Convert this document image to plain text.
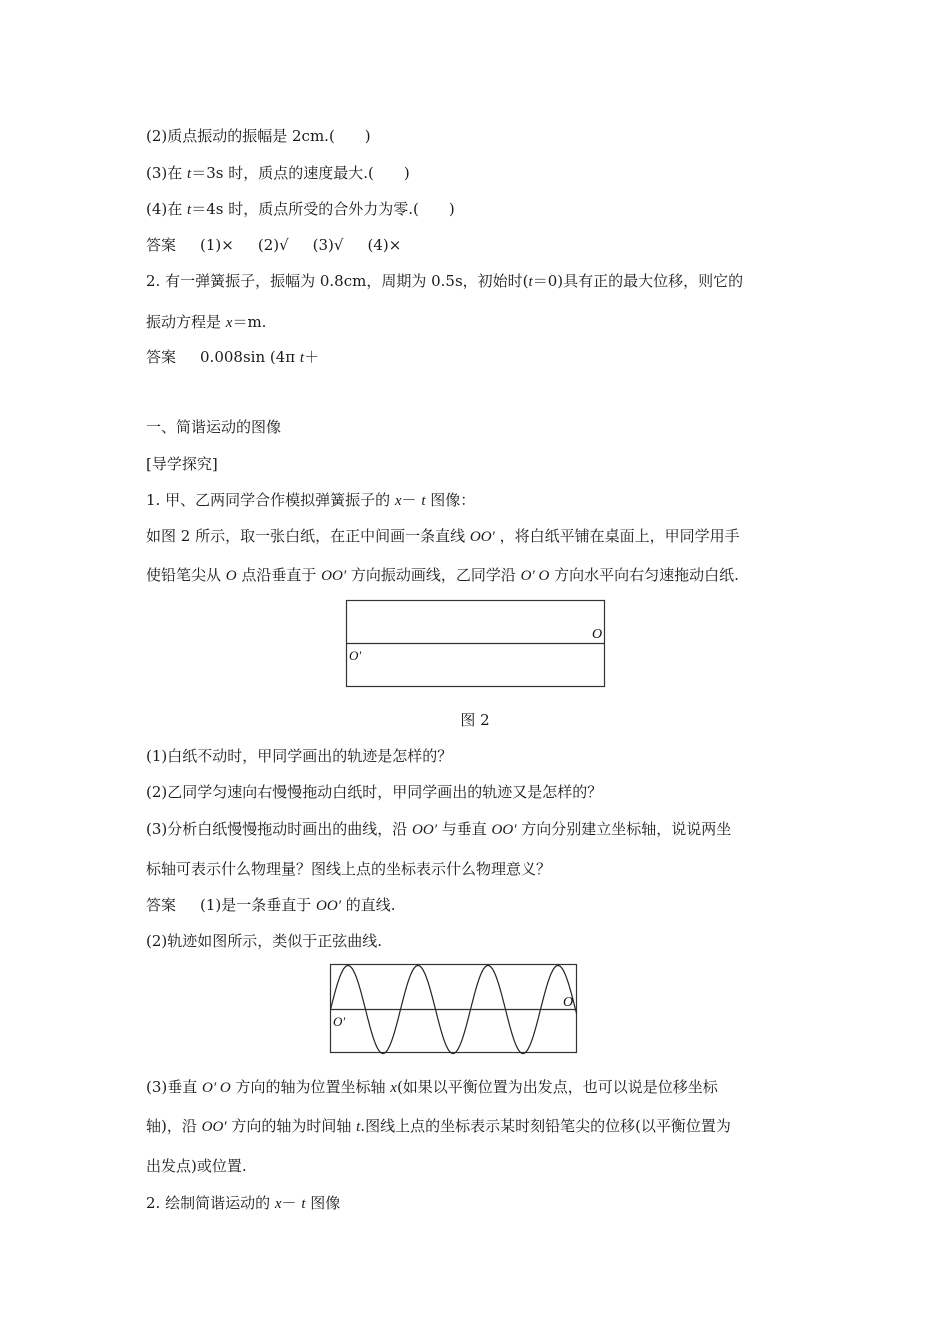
(2)质点振动的振幅是 2cm.(　　)
(3)在 t＝3s 时，质点的速度最大.(　　)
(4)在 t＝4s 时，质点所受的合外力为零.(　　)
答案 (1)× (2)√ (3)√ (4)×
2. 有一弹簧振子，振幅为 0.8cm，周期为 0.5s，初始时(t＝0)具有正的最大位移，则它的
振动方程是 x＝m.
答案 0.008sin (4π t＋
一、简谐运动的图像
[导学探究]
1. 甲、乙两同学合作模拟弹簧振子的 x－ t 图像：
如图 2 所示，取一张白纸，在正中间画一条直线 OO′ ，将白纸平铺在桌面上，甲同学用手
使铅笔尖从 O 点沿垂直于 OO′ 方向振动画线，乙同学沿 O′ O 方向水平向右匀速拖动白纸.
O
O′
图 2
(1)白纸不动时，甲同学画出的轨迹是怎样的？
(2)乙同学匀速向右慢慢拖动白纸时，甲同学画出的轨迹又是怎样的？
(3)分析白纸慢慢拖动时画出的曲线，沿 OO′ 与垂直 OO′ 方向分别建立坐标轴，说说两坐
标轴可表示什么物理量？图线上点的坐标表示什么物理意义？
答案 (1)是一条垂直于 OO′ 的直线.
(2)轨迹如图所示，类似于正弦曲线.
O
O′
(3)垂直 O′ O 方向的轴为位置坐标轴 x(如果以平衡位置为出发点，也可以说是位移坐标
轴)，沿 OO′ 方向的轴为时间轴 t.图线上点的坐标表示某时刻铅笔尖的位移(以平衡位置为
出发点)或位置.
2. 绘制简谐运动的 x－ t 图像
